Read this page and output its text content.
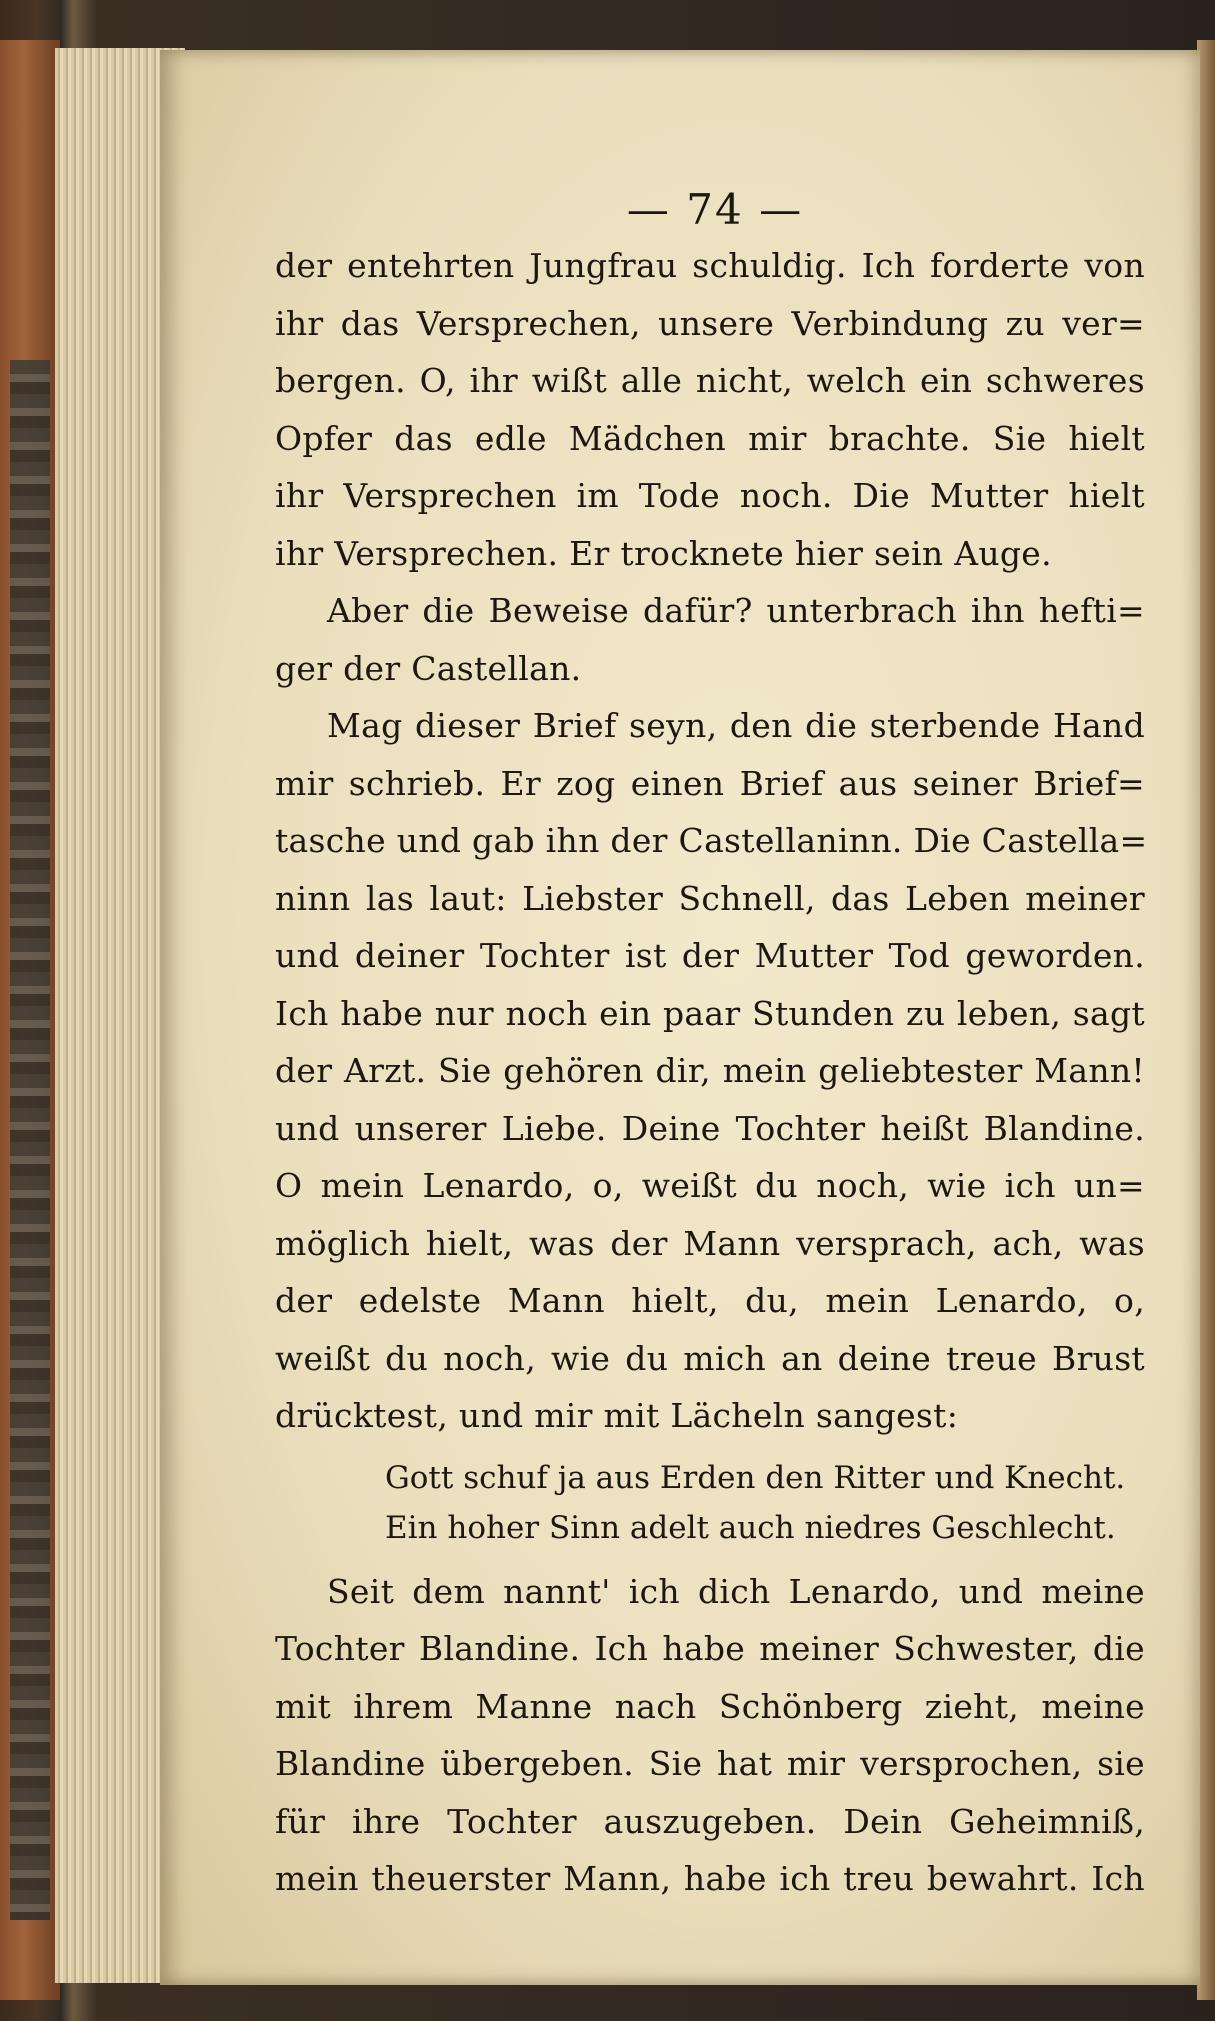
— 74 —
der entehrten Jungfrau schuldig. Ich forderte von
ihr das Versprechen, unsere Verbindung zu ver=
bergen. O, ihr wißt alle nicht, welch ein schweres
Opfer das edle Mädchen mir brachte. Sie hielt
ihr Versprechen im Tode noch. Die Mutter hielt
ihr Versprechen. Er trocknete hier sein Auge.
Aber die Beweise dafür? unterbrach ihn hefti=
ger der Castellan.
Mag dieser Brief seyn, den die sterbende Hand
mir schrieb. Er zog einen Brief aus seiner Brief=
tasche und gab ihn der Castellaninn. Die Castella=
ninn las laut: Liebster Schnell, das Leben meiner
und deiner Tochter ist der Mutter Tod geworden.
Ich habe nur noch ein paar Stunden zu leben, sagt
der Arzt. Sie gehören dir, mein geliebtester Mann!
und unserer Liebe. Deine Tochter heißt Blandine.
O mein Lenardo, o, weißt du noch, wie ich un=
möglich hielt, was der Mann versprach, ach, was
der edelste Mann hielt, du, mein Lenardo, o,
weißt du noch, wie du mich an deine treue Brust
drücktest, und mir mit Lächeln sangest:
Gott schuf ja aus Erden den Ritter und Knecht.
Ein hoher Sinn adelt auch niedres Geschlecht.
Seit dem nannt' ich dich Lenardo, und meine
Tochter Blandine. Ich habe meiner Schwester, die
mit ihrem Manne nach Schönberg zieht, meine
Blandine übergeben. Sie hat mir versprochen, sie
für ihre Tochter auszugeben. Dein Geheimniß,
mein theuerster Mann, habe ich treu bewahrt. Ich
